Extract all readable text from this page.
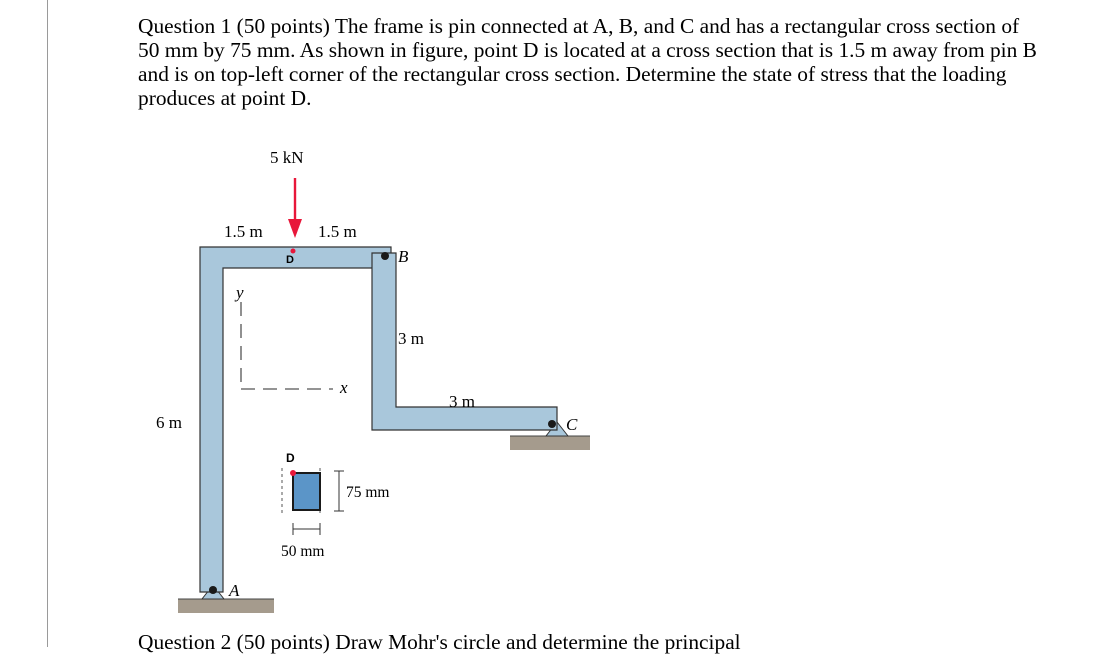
Question 1 (50 points) The frame is pin connected at A, B, and C and has a rectangular cross section of 50 mm by 75 mm. As shown in figure, point D is located at a cross section that is 1.5 m away from pin B and is on top-left corner of the rectangular cross section. Determine the state of stress that the loading produces at point D.

5 kN
1.5 m	1.5 m
D	B
y
x
3 m
3 m
6 m	C
A
D
75 mm
50 mm
Question 2 (50 points) Draw Mohr's circle and determine the principal
